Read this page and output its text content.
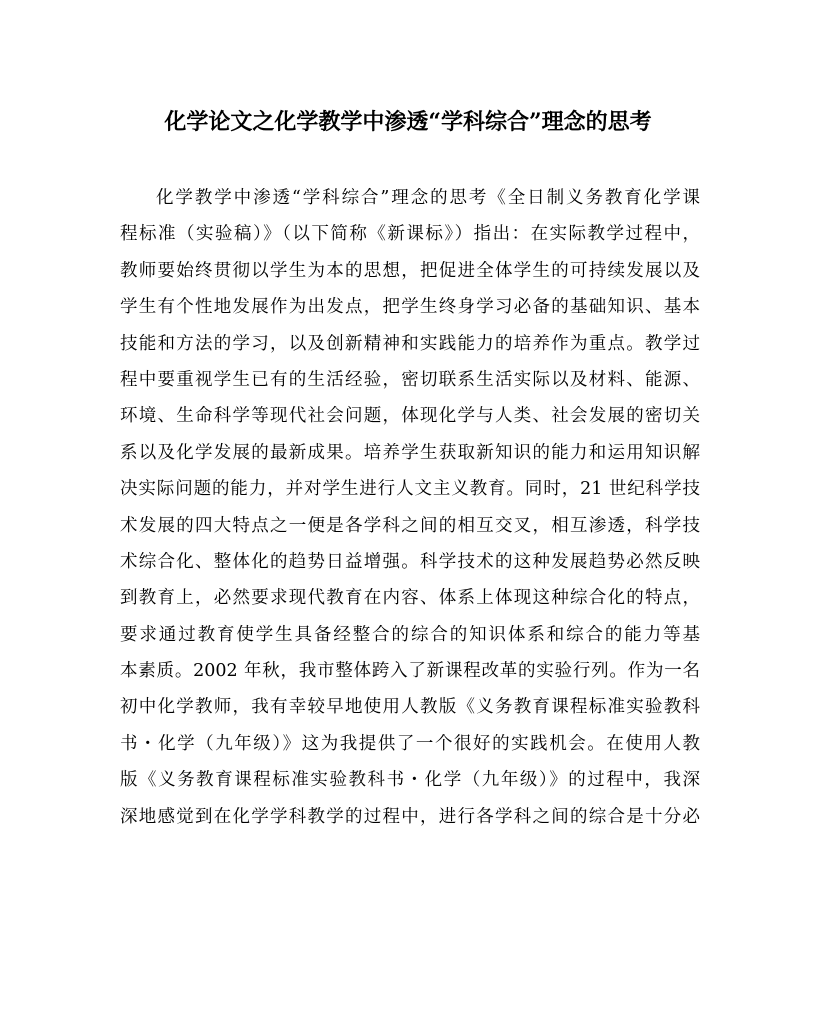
化学论文之化学教学中渗透“学科综合”理念的思考
化学教学中渗透“学科综合”理念的思考《全日制义务教育化学课
程标准（实验稿）》（以下简称《新课标》）指出：在实际教学过程中，
教师要始终贯彻以学生为本的思想，把促进全体学生的可持续发展以及
学生有个性地发展作为出发点，把学生终身学习必备的基础知识、基本
技能和方法的学习，以及创新精神和实践能力的培养作为重点。教学过
程中要重视学生已有的生活经验，密切联系生活实际以及材料、能源、
环境、生命科学等现代社会问题，体现化学与人类、社会发展的密切关
系以及化学发展的最新成果。培养学生获取新知识的能力和运用知识解
决实际问题的能力，并对学生进行人文主义教育。同时，21 世纪科学技
术发展的四大特点之一便是各学科之间的相互交叉，相互渗透，科学技
术综合化、整体化的趋势日益增强。科学技术的这种发展趋势必然反映
到教育上，必然要求现代教育在内容、体系上体现这种综合化的特点，
要求通过教育使学生具备经整合的综合的知识体系和综合的能力等基
本素质。2002 年秋，我市整体跨入了新课程改革的实验行列。作为一名
初中化学教师，我有幸较早地使用人教版《义务教育课程标准实验教科
书・化学（九年级）》这为我提供了一个很好的实践机会。在使用人教
版《义务教育课程标准实验教科书・化学（九年级）》的过程中，我深
深地感觉到在化学学科教学的过程中，进行各学科之间的综合是十分必
